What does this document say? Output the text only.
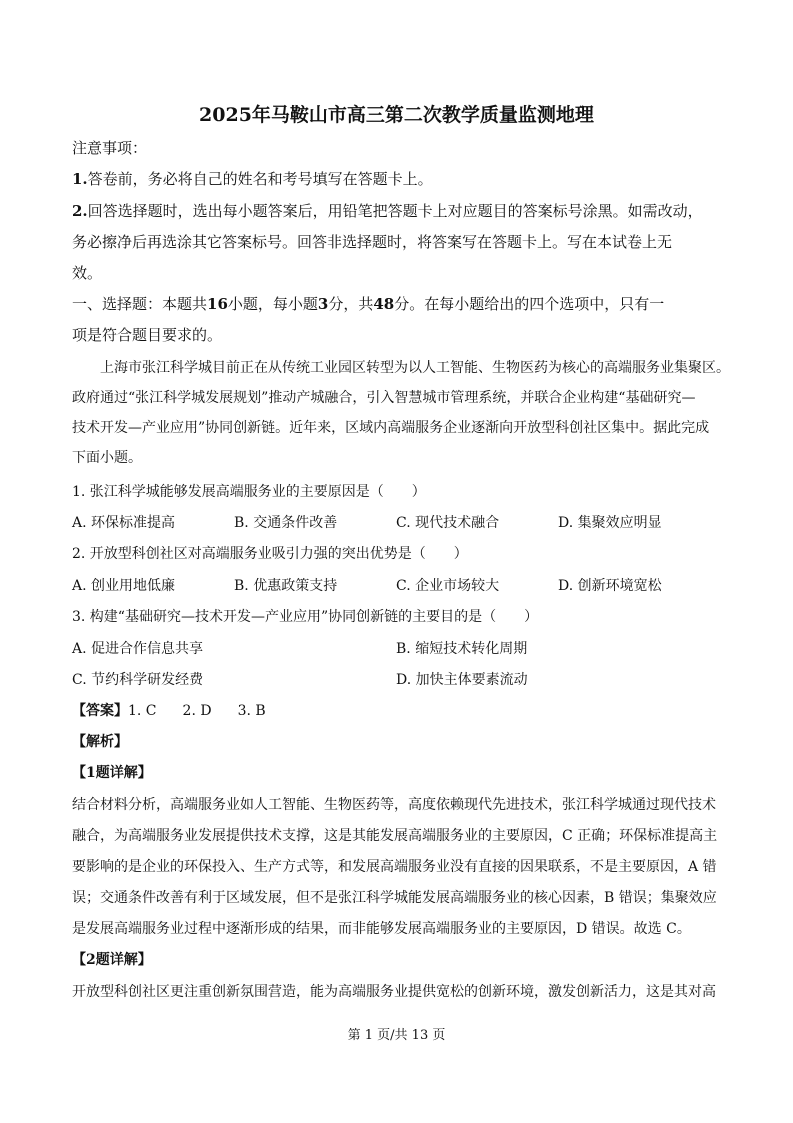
2025年马鞍山市高三第二次教学质量监测地理
注意事项：
1.答卷前，务必将自己的姓名和考号填写在答题卡上。
2.回答选择题时，选出每小题答案后，用铅笔把答题卡上对应题目的答案标号涂黑。如需改动，
务必擦净后再选涂其它答案标号。回答非选择题时，将答案写在答题卡上。写在本试卷上无
效。
一、选择题：本题共16小题，每小题3分，共48分。在每小题给出的四个选项中，只有一
项是符合题目要求的。
上海市张江科学城目前正在从传统工业园区转型为以人工智能、生物医药为核心的高端服务业集聚区。
政府通过“张江科学城发展规划”推动产城融合，引入智慧城市管理系统，并联合企业构建“基础研究—
技术开发—产业应用”协同创新链。近年来，区域内高端服务企业逐渐向开放型科创社区集中。据此完成
下面小题。
1. 张江科学城能够发展高端服务业的主要原因是（　　）
A. 环保标准提高	B. 交通条件改善	C. 现代技术融合	D. 集聚效应明显
2. 开放型科创社区对高端服务业吸引力强的突出优势是（　　）
A. 创业用地低廉	B. 优惠政策支持	C. 企业市场较大	D. 创新环境宽松
3. 构建“基础研究—技术开发—产业应用”协同创新链的主要目的是（　　）
A. 促进合作信息共享	B. 缩短技术转化周期
C. 节约科学研发经费	D. 加快主体要素流动
【答案】1. C 2. D 3. B
【解析】
【1题详解】
结合材料分析，高端服务业如人工智能、生物医药等，高度依赖现代先进技术，张江科学城通过现代技术
融合，为高端服务业发展提供技术支撑，这是其能发展高端服务业的主要原因，C 正确；环保标准提高主
要影响的是企业的环保投入、生产方式等，和发展高端服务业没有直接的因果联系，不是主要原因，A 错
误；交通条件改善有利于区域发展，但不是张江科学城能发展高端服务业的核心因素，B 错误；集聚效应
是发展高端服务业过程中逐渐形成的结果，而非能够发展高端服务业的主要原因，D 错误。故选 C。
【2题详解】
开放型科创社区更注重创新氛围营造，能为高端服务业提供宽松的创新环境，激发创新活力，这是其对高
第 1 页/共 13 页
